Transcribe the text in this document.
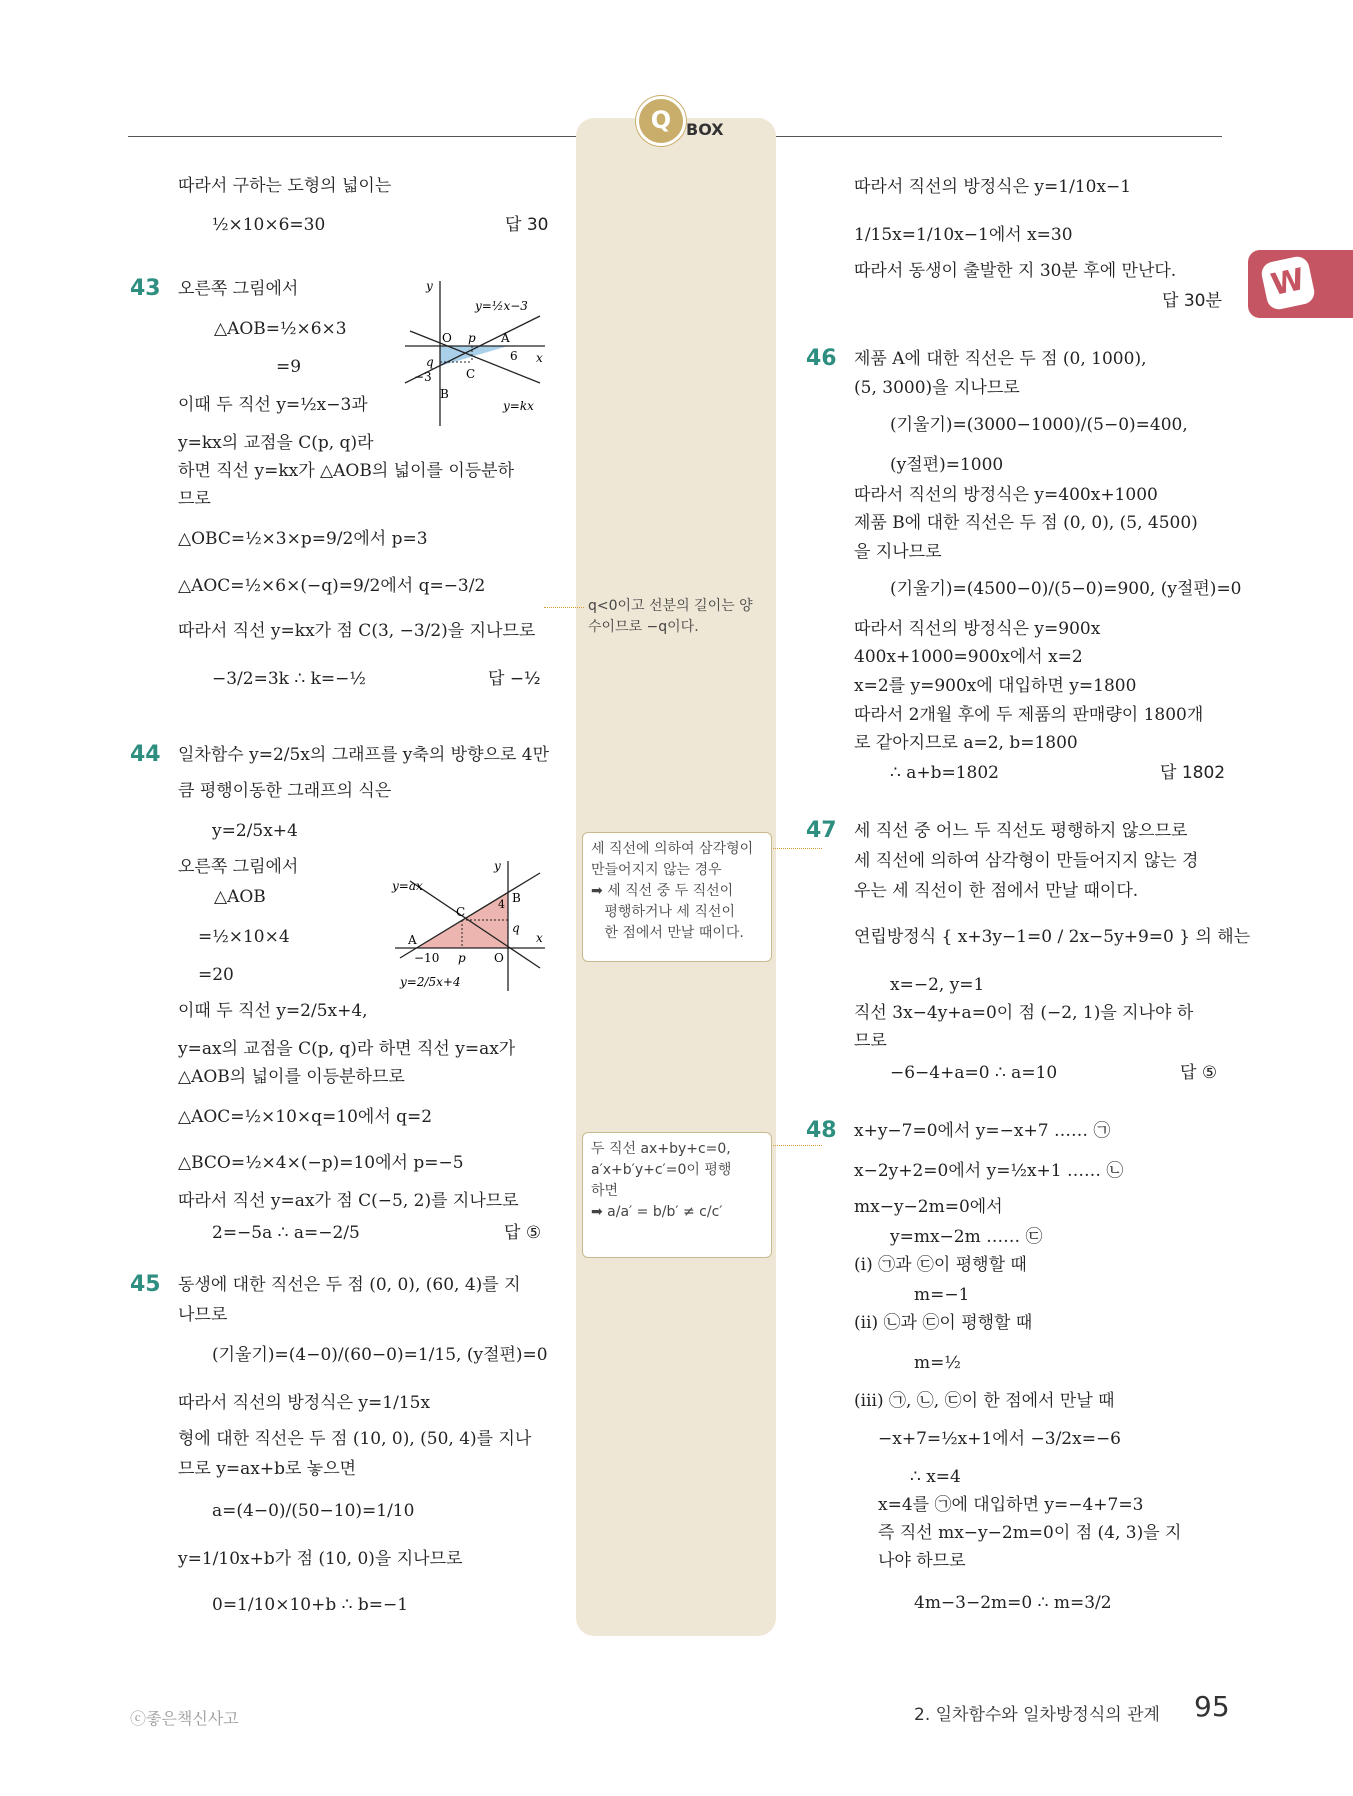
Q BOX
W
따라서 구하는 도형의 넓이는
½×10×6=30	답 30
43 오른쪽 그림에서
△AOB=½×6×3
=9
이때 두 직선 y=½x−3과
y=kx의 교점을 C(p, q)라
하면 직선 y=kx가 △AOB의 넓이를 이등분하
므로
△OBC=½×3×p=9/2에서 p=3
△AOC=½×6×(−q)=9/2에서 q=−3/2
따라서 직선 y=kx가 점 C(3, −3/2)을 지나므로
−3/2=3k ∴ k=−½	답 −½
y
x
y=½x−3
y=kx
O p A
6
q
−3	C
B
44 일차함수 y=2/5x의 그래프를 y축의 방향으로 4만
큼 평행이동한 그래프의 식은
y=2/5x+4
오른쪽 그림에서
△AOB
=½×10×4
=20
이때 두 직선 y=2/5x+4,
y=ax의 교점을 C(p, q)라 하면 직선 y=ax가
△AOB의 넓이를 이등분하므로
△AOC=½×10×q=10에서 q=2
△BCO=½×4×(−p)=10에서 p=−5
따라서 직선 y=ax가 점 C(−5, 2)를 지나므로
2=−5a ∴ a=−2/5	답 ⑤
y
x
y=ax
y=2/5x+4
B
4
C
q
A
−10 p O
45 동생에 대한 직선은 두 점 (0, 0), (60, 4)를 지
나므로
(기울기)=(4−0)/(60−0)=1/15, (y절편)=0
따라서 직선의 방정식은 y=1/15x
형에 대한 직선은 두 점 (10, 0), (50, 4)를 지나
므로 y=ax+b로 놓으면
a=(4−0)/(50−10)=1/10
y=1/10x+b가 점 (10, 0)을 지나므로
0=1/10×10+b ∴ b=−1
q<0이고 선분의 길이는 양
수이므로 −q이다.
세 직선에 의하여 삼각형이
만들어지지 않는 경우
➡ 세 직선 중 두 직선이
평행하거나 세 직선이
한 점에서 만날 때이다.
두 직선 ax+by+c=0,
a′x+b′y+c′=0이 평행
하면
➡ a/a′ = b/b′ ≠ c/c′
따라서 직선의 방정식은 y=1/10x−1
1/15x=1/10x−1에서 x=30
따라서 동생이 출발한 지 30분 후에 만난다.
답 30분
46 제품 A에 대한 직선은 두 점 (0, 1000),
(5, 3000)을 지나므로
(기울기)=(3000−1000)/(5−0)=400,
(y절편)=1000
따라서 직선의 방정식은 y=400x+1000
제품 B에 대한 직선은 두 점 (0, 0), (5, 4500)
을 지나므로
(기울기)=(4500−0)/(5−0)=900, (y절편)=0
따라서 직선의 방정식은 y=900x
400x+1000=900x에서 x=2
x=2를 y=900x에 대입하면 y=1800
따라서 2개월 후에 두 제품의 판매량이 1800개
로 같아지므로 a=2, b=1800
∴ a+b=1802	답 1802
47 세 직선 중 어느 두 직선도 평행하지 않으므로
세 직선에 의하여 삼각형이 만들어지지 않는 경
우는 세 직선이 한 점에서 만날 때이다.
연립방정식 { x+3y−1=0 / 2x−5y+9=0 } 의 해는
x=−2, y=1
직선 3x−4y+a=0이 점 (−2, 1)을 지나야 하
므로
−6−4+a=0 ∴ a=10	답 ⑤
48 x+y−7=0에서 y=−x+7 …… ㉠
x−2y+2=0에서 y=½x+1 …… ㉡
mx−y−2m=0에서
y=mx−2m …… ㉢
(ⅰ) ㉠과 ㉢이 평행할 때
m=−1
(ⅱ) ㉡과 ㉢이 평행할 때
m=½
(ⅲ) ㉠, ㉡, ㉢이 한 점에서 만날 때
−x+7=½x+1에서 −3/2x=−6
∴ x=4
x=4를 ㉠에 대입하면 y=−4+7=3
즉 직선 mx−y−2m=0이 점 (4, 3)을 지
나야 하므로
4m−3−2m=0 ∴ m=3/2
ⓒ좋은책신사고	2. 일차함수와 일차방정식의 관계 95
